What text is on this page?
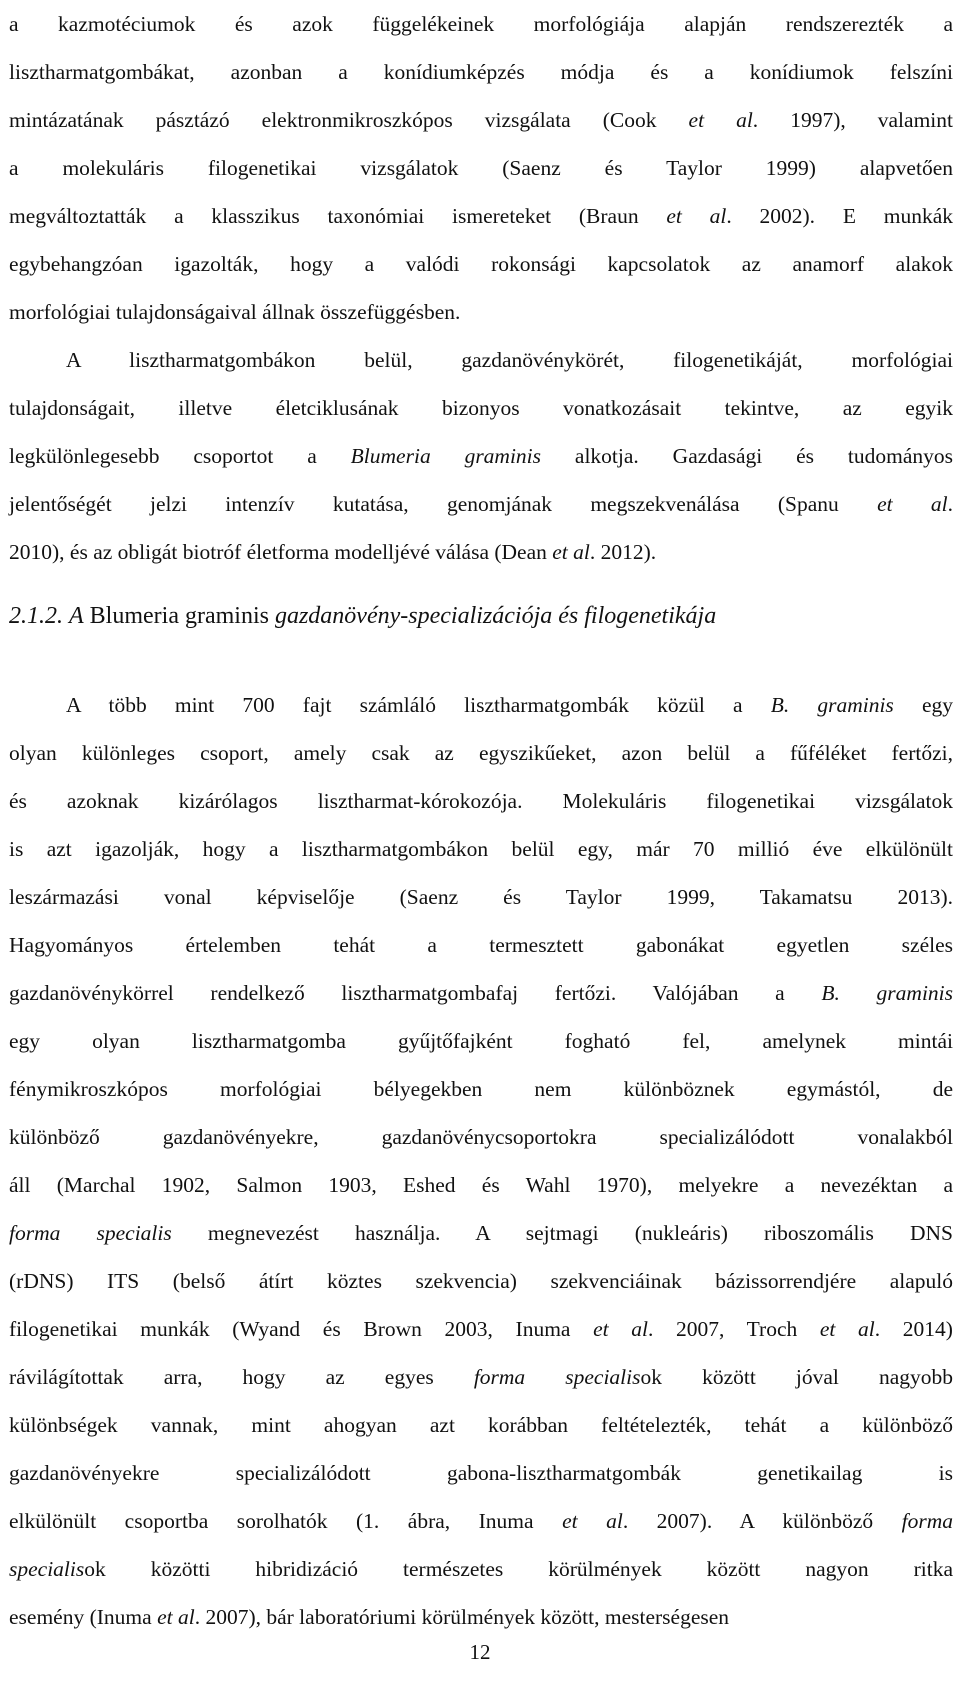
a kazmotéciumok és azok függelékeinek morfológiája alapján rendszerezték a
lisztharmatgombákat, azonban a konídiumképzés módja és a konídiumok felszíni
mintázatának pásztázó elektronmikroszkópos vizsgálata (Cook et al. 1997), valamint
a molekuláris filogenetikai vizsgálatok (Saenz és Taylor 1999) alapvetően
megváltoztatták a klasszikus taxonómiai ismereteket (Braun et al. 2002). E munkák
egybehangzóan igazolták, hogy a valódi rokonsági kapcsolatok az anamorf alakok
morfológiai tulajdonságaival állnak összefüggésben.
A lisztharmatgombákon belül, gazdanövénykörét, filogenetikáját, morfológiai
tulajdonságait, illetve életciklusának bizonyos vonatkozásait tekintve, az egyik
legkülönlegesebb csoportot a Blumeria graminis alkotja. Gazdasági és tudományos
jelentőségét jelzi intenzív kutatása, genomjának megszekvenálása (Spanu et al.
2010), és az obligát biotróf életforma modelljévé válása (Dean et al. 2012).
2.1.2. A Blumeria graminis gazdanövény-specializációja és filogenetikája
A több mint 700 fajt számláló lisztharmatgombák közül a B. graminis egy
olyan különleges csoport, amely csak az egyszikűeket, azon belül a fűféléket fertőzi,
és azoknak kizárólagos lisztharmat-kórokozója. Molekuláris filogenetikai vizsgálatok
is azt igazolják, hogy a lisztharmatgombákon belül egy, már 70 millió éve elkülönült
leszármazási vonal képviselője (Saenz és Taylor 1999, Takamatsu 2013).
Hagyományos értelemben tehát a termesztett gabonákat egyetlen széles
gazdanövénykörrel rendelkező lisztharmatgombafaj fertőzi. Valójában a B. graminis
egy olyan lisztharmatgomba gyűjtőfajként fogható fel, amelynek mintái
fénymikroszkópos morfológiai bélyegekben nem különböznek egymástól, de
különböző gazdanövényekre, gazdanövénycsoportokra specializálódott vonalakból
áll (Marchal 1902, Salmon 1903, Eshed és Wahl 1970), melyekre a nevezéktan a
forma specialis megnevezést használja. A sejtmagi (nukleáris) riboszomális DNS
(rDNS) ITS (belső átírt köztes szekvencia) szekvenciáinak bázissorrendjére alapuló
filogenetikai munkák (Wyand és Brown 2003, Inuma et al. 2007, Troch et al. 2014)
rávilágítottak arra, hogy az egyes forma specialisok között jóval nagyobb
különbségek vannak, mint ahogyan azt korábban feltételezték, tehát a különböző
gazdanövényekre specializálódott gabona-lisztharmatgombák genetikailag is
elkülönült csoportba sorolhatók (1. ábra, Inuma et al. 2007). A különböző forma
specialisok közötti hibridizáció természetes körülmények között nagyon ritka
esemény (Inuma et al. 2007), bár laboratóriumi körülmények között, mesterségesen
12
